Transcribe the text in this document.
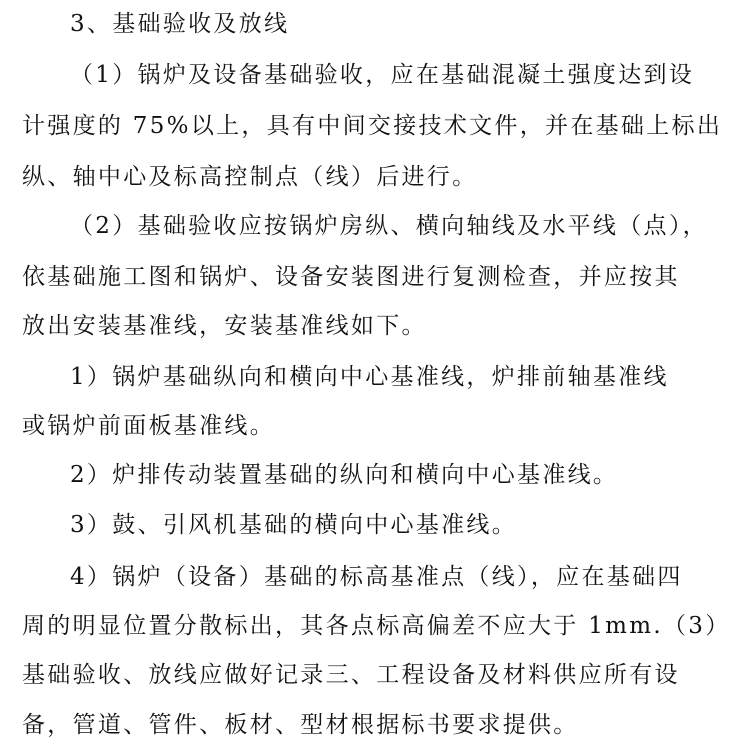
3、基础验收及放线
（1）锅炉及设备基础验收，应在基础混凝土强度达到设
计强度的 75%以上，具有中间交接技术文件，并在基础上标出
纵、轴中心及标高控制点（线）后进行。
（2）基础验收应按锅炉房纵、横向轴线及水平线（点），
依基础施工图和锅炉、设备安装图进行复测检查，并应按其
放出安装基准线，安装基准线如下。
1）锅炉基础纵向和横向中心基准线，炉排前轴基准线
或锅炉前面板基准线。
2）炉排传动装置基础的纵向和横向中心基准线。
3）鼓、引风机基础的横向中心基准线。
4）锅炉（设备）基础的标高基准点（线），应在基础四
周的明显位置分散标出，其各点标高偏差不应大于 1mm.（3）
基础验收、放线应做好记录三、工程设备及材料供应所有设
备，管道、管件、板材、型材根据标书要求提供。
